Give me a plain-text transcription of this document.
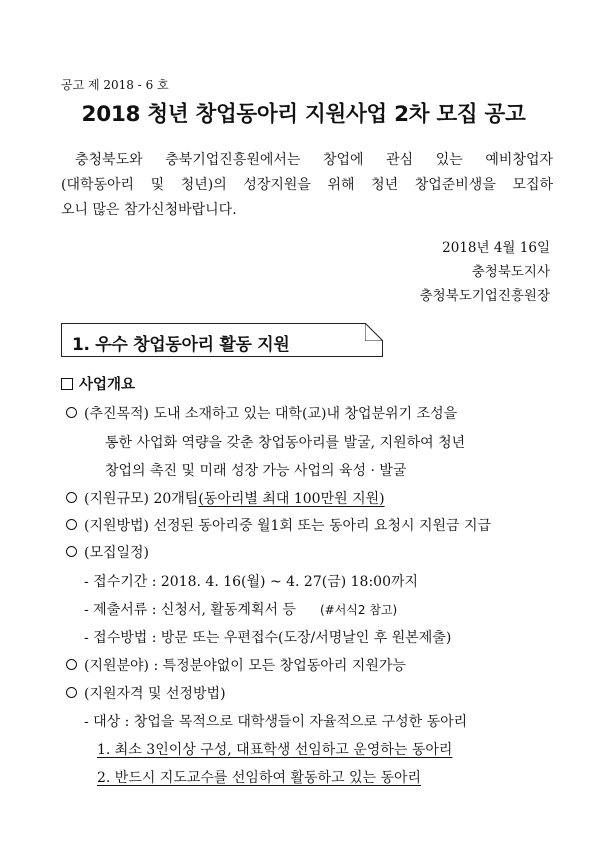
공고 제 2018 - 6 호
2018 청년 창업동아리 지원사업 2차 모집 공고
충청북도와 충북기업진흥원에서는 창업에 관심 있는 예비창업자
(대학동아리 및 청년)의 성장지원을 위해 청년 창업준비생을 모집하
오니 많은 참가신청바랍니다.
2018년 4월 16일
충청북도지사
충청북도기업진흥원장
1. 우수 창업동아리 활동 지원
사업개요
(추진목적) 도내 소재하고 있는 대학(교)내 창업분위기 조성을
통한 사업화 역량을 갖춘 창업동아리를 발굴, 지원하여 청년
창업의 촉진 및 미래 성장 가능 사업의 육성 · 발굴
(지원규모) 20개팀(동아리별 최대 100만원 지원)
(지원방법) 선정된 동아리중 월1회 또는 동아리 요청시 지원금 지급
(모집일정)
- 접수기간 : 2018. 4. 16(월) ~ 4. 27(금) 18:00까지
- 제출서류 : 신청서, 활동계획서 등 (#서식2 참고)
- 접수방법 : 방문 또는 우편접수(도장/서명날인 후 원본제출)
(지원분야) : 특정분야없이 모든 창업동아리 지원가능
(지원자격 및 선정방법)
- 대상 : 창업을 목적으로 대학생들이 자율적으로 구성한 동아리
1. 최소 3인이상 구성, 대표학생 선임하고 운영하는 동아리
2. 반드시 지도교수를 선임하여 활동하고 있는 동아리
